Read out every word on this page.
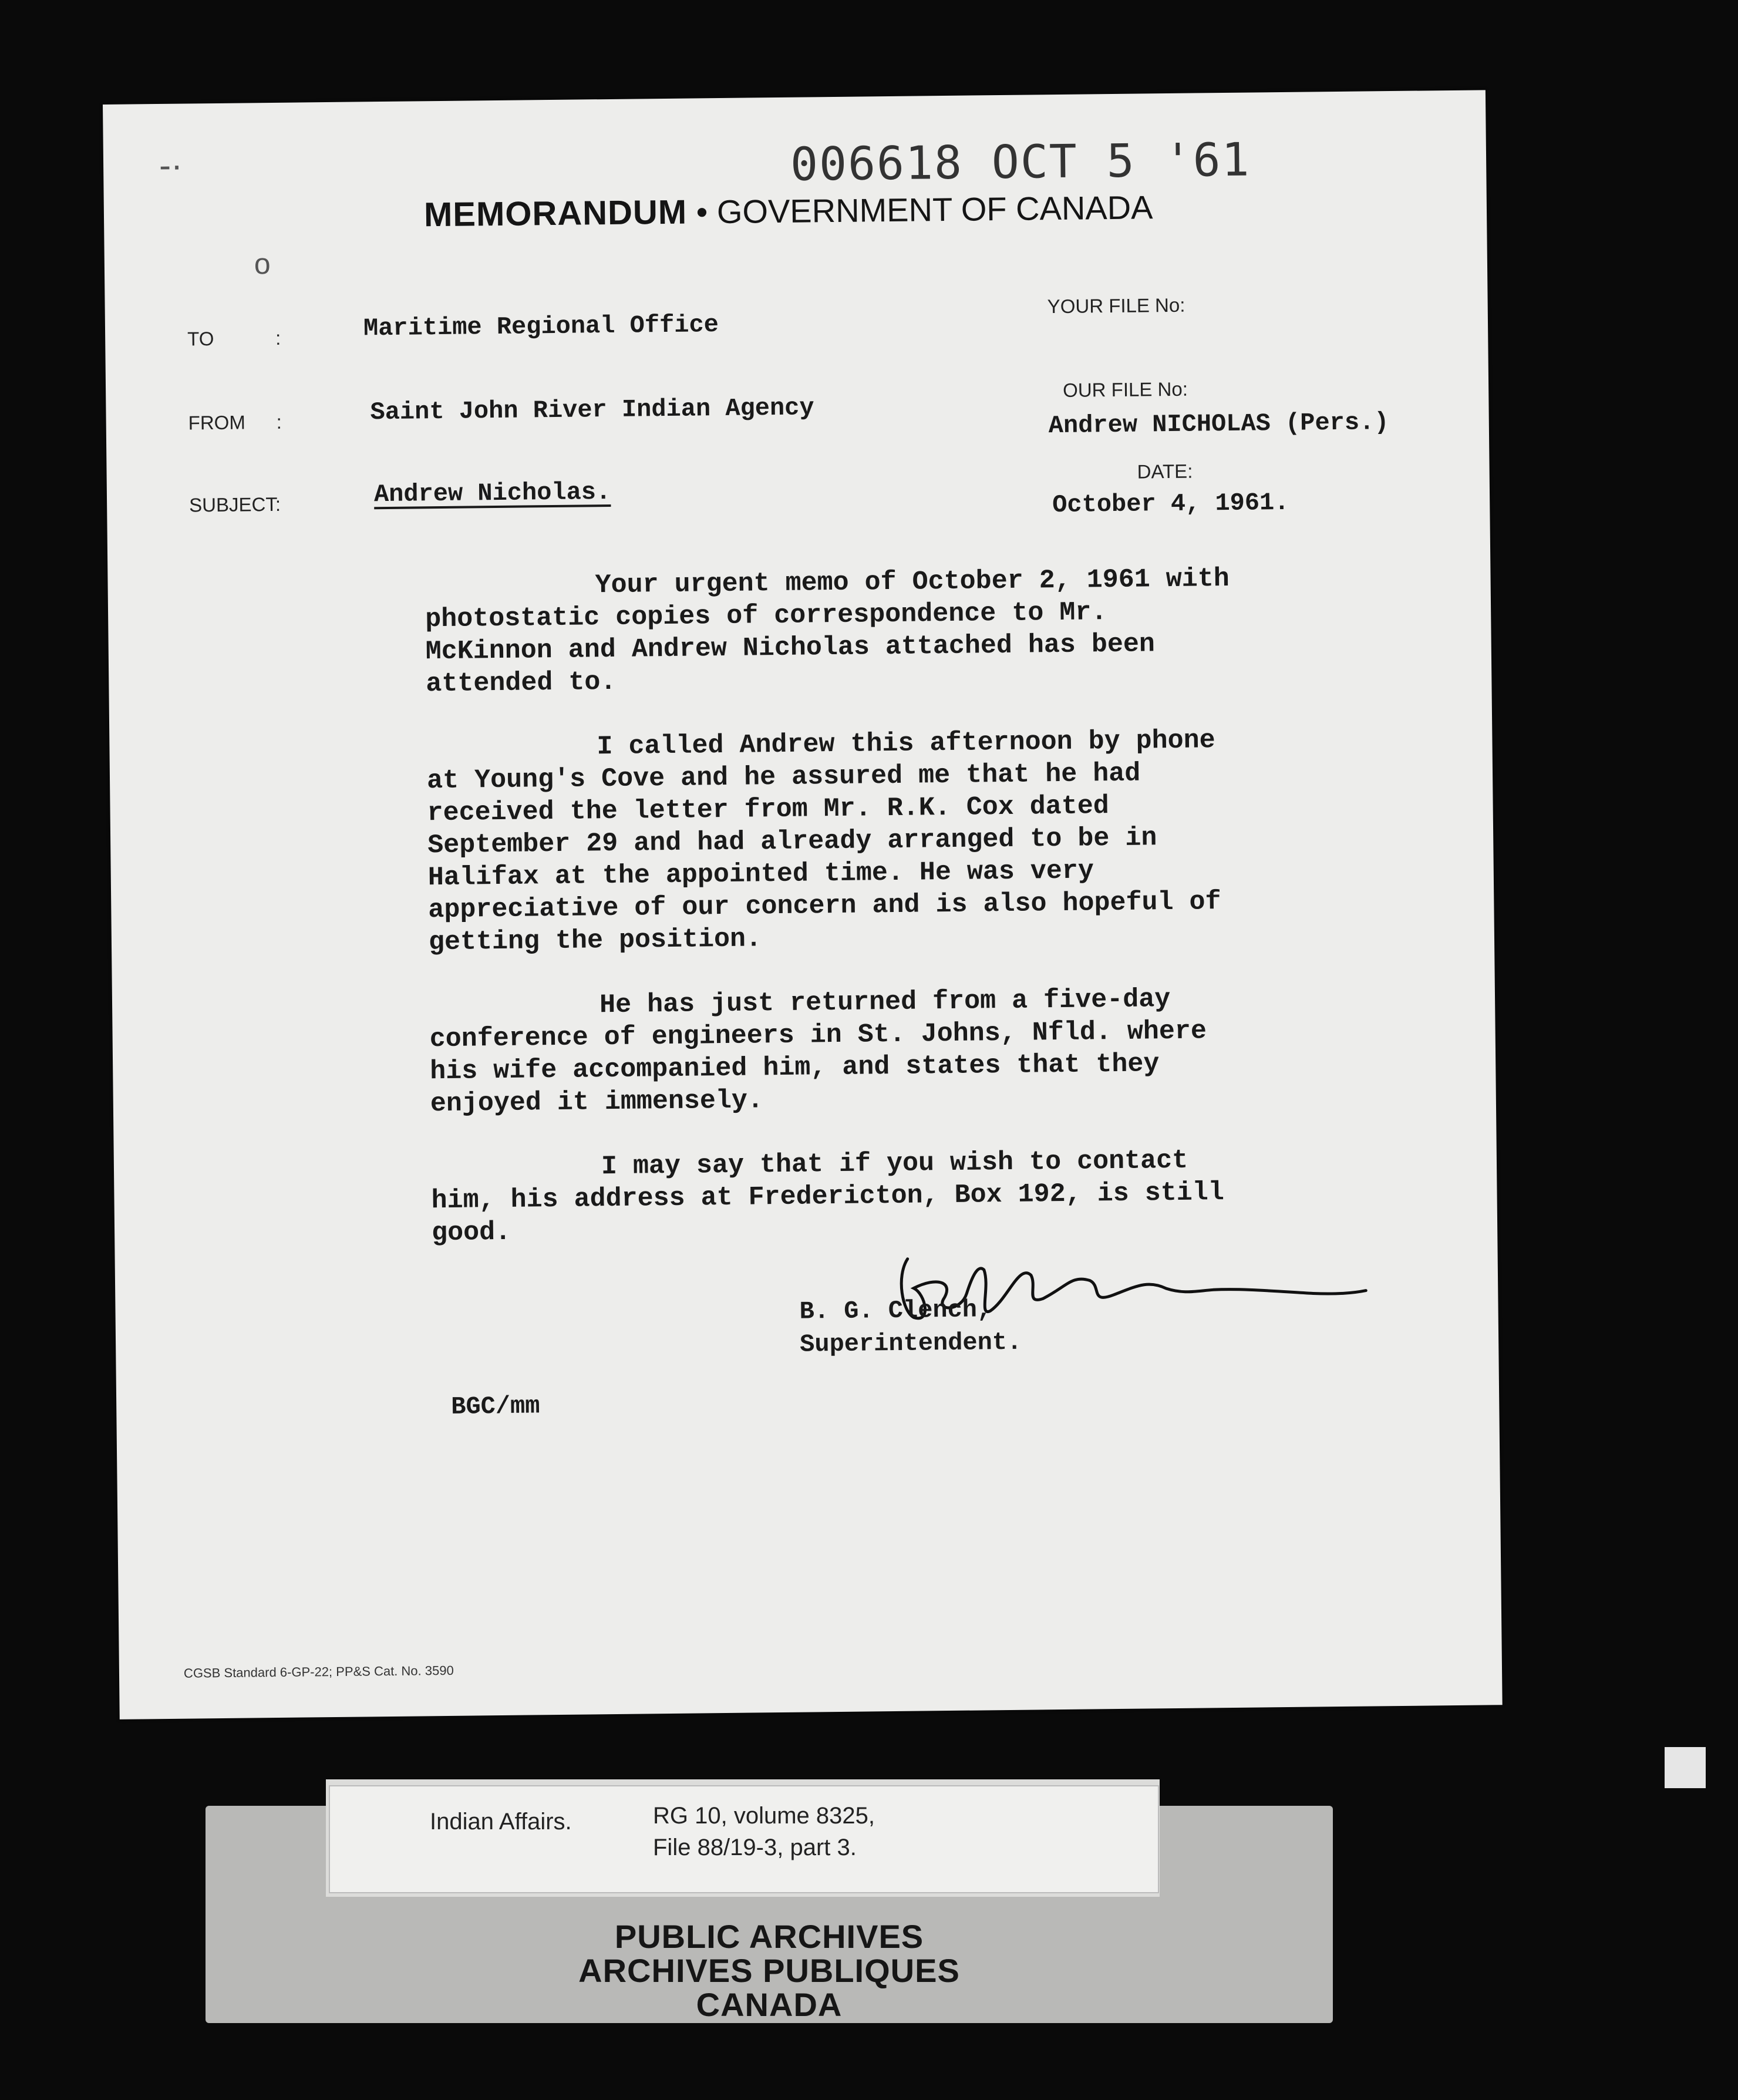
-·
o
006618 OCT 5 '61
MEMORANDUM • GOVERNMENT OF CANADA
TO	:	Maritime Regional Office
FROM :	Saint John River Indian Agency
SUBJECT:	Andrew Nicholas.
YOUR FILE No:
OUR FILE No:
Andrew NICHOLAS (Pers.)
DATE:
October 4, 1961.

Your urgent memo of October 2, 1961 with photostatic copies of correspondence to Mr. McKinnon and Andrew Nicholas attached has been attended to.

I called Andrew this afternoon by phone at Young's Cove and he assured me that he had received the letter from Mr. R.K. Cox dated September 29 and had already arranged to be in Halifax at the appointed time. He was very appreciative of our concern and is also hopeful of getting the position.

He has just returned from a five-day conference of engineers in St. Johns, Nfld. where his wife accompanied him, and states that they enjoyed it immensely.

I may say that if you wish to contact him, his address at Fredericton, Box 192, is still good.

B. G. Clench,
Superintendent.
BGC/mm
CGSB Standard 6-GP-22; PP&S Cat. No. 3590
PUBLIC ARCHIVES
ARCHIVES PUBLIQUES
CANADA
Indian Affairs.	RG 10, volume 8325,
File 88/19-3, part 3.
